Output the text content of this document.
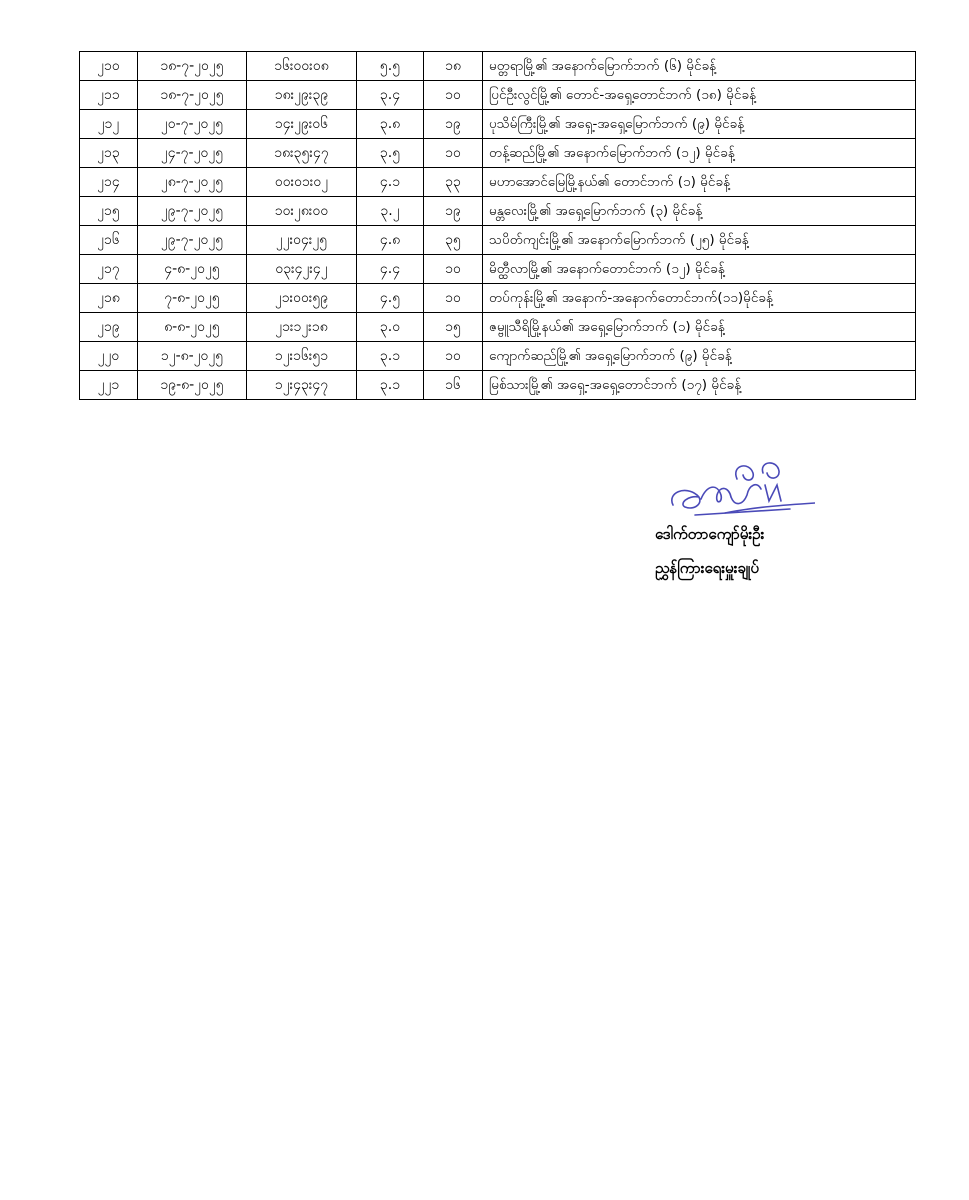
၂၁၀	၁၈-၇-၂၀၂၅	၁၆း၀၀း၀၈	၅.၅	၁၈	မတ္တရာမြို့၏ အနောက်မြောက်ဘက် (၆) မိုင်ခန့်
၂၁၁	၁၈-၇-၂၀၂၅	၁၈း၂၉း၃၉	၃.၄	၁၀	ပြင်ဦးလွင်မြို့၏ တောင်-အရှေ့တောင်ဘက် (၁၈) မိုင်ခန့်
၂၁၂	၂၀-၇-၂၀၂၅	၁၄း၂၉း၀၆	၃.၈	၁၉	ပုသိမ်ကြီးမြို့၏ အရှေ့-အရှေ့မြောက်ဘက် (၉) မိုင်ခန့်
၂၁၃	၂၄-၇-၂၀၂၅	၁၈း၃၅း၄၇	၃.၅	၁၀	တန့်ဆည်မြို့၏ အနောက်မြောက်ဘက် (၁၂) မိုင်ခန့်
၂၁၄	၂၈-၇-၂၀၂၅	၀၀း၀၁း၀၂	၄.၁	၃၃	မဟာအောင်မြေမြို့နယ်၏ တောင်ဘက် (၁) မိုင်ခန့်
၂၁၅	၂၉-၇-၂၀၂၅	၁၀း၂၈း၀၀	၃.၂	၁၉	မန္တလေးမြို့၏ အရှေ့မြောက်ဘက် (၃) မိုင်ခန့်
၂၁၆	၂၉-၇-၂၀၂၅	၂၂း၀၄း၂၅	၄.၈	၃၅	သပိတ်ကျင်းမြို့၏ အနောက်မြောက်ဘက် (၂၅) မိုင်ခန့်
၂၁၇	၄-၈-၂၀၂၅	၀၃း၄၂း၄၂	၄.၄	၁၀	မိတ္ထီလာမြို့၏ အနောက်တောင်ဘက် (၁၂) မိုင်ခန့်
၂၁၈	၇-၈-၂၀၂၅	၂၁း၀၀း၅၉	၄.၅	၁၀	တပ်ကုန်းမြို့၏ အနောက်-အနောက်တောင်ဘက်(၁၁)မိုင်ခန့်
၂၁၉	၈-၈-၂၀၂၅	၂၁း၁၂း၁၈	၃.၀	၁၅	ဇမ္ဗူသီရိမြို့နယ်၏ အရှေ့မြောက်ဘက် (၁) မိုင်ခန့်
၂၂၀	၁၂-၈-၂၀၂၅	၁၂း၁၆း၅၁	၃.၁	၁၀	ကျောက်ဆည်မြို့၏ အရှေ့မြောက်ဘက် (၉) မိုင်ခန့်
၂၂၁	၁၉-၈-၂၀၂၅	၁၂း၄၃း၄၇	၃.၁	၁၆	မြစ်သားမြို့၏ အရှေ့-အရှေ့တောင်ဘက် (၁၇) မိုင်ခန့်
ဒေါက်တာကျော်မိုးဦး
ညွှန်ကြားရေးမှူးချုပ်
